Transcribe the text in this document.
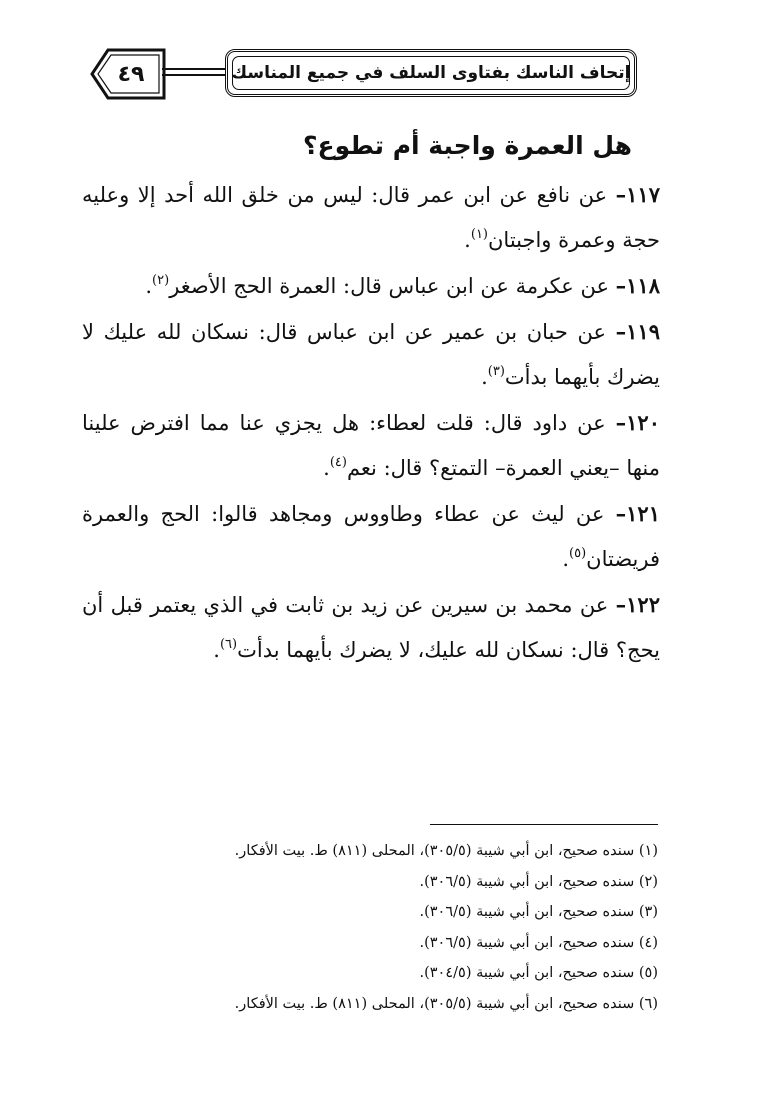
٤٩	إتحاف الناسك بفتاوى السلف في جميع المناسك
هل العمرة واجبة أم تطوع؟

١١٧– عن نافع عن ابن عمر قال: ليس من خلق الله أحد إلا وعليه حجة وعمرة واجبتان$^{(١)}$.

١١٨– عن عكرمة عن ابن عباس قال: العمرة الحج الأصغر$^{(٢)}$.

١١٩– عن حبان بن عمير عن ابن عباس قال: نسكان لله عليك لا يضرك بأيهما بدأت$^{(٣)}$.

١٢٠– عن داود قال: قلت لعطاء: هل يجزي عنا مما افترض علينا منها –يعني العمرة– التمتع؟ قال: نعم$^{(٤)}$.

١٢١– عن ليث عن عطاء وطاووس ومجاهد قالوا: الحج والعمرة فريضتان$^{(٥)}$.

١٢٢– عن محمد بن سيرين عن زيد بن ثابت في الذي يعتمر قبل أن يحج؟ قال: نسكان لله عليك، لا يضرك بأيهما بدأت$^{(٦)}$.

(١) سنده صحيح، ابن أبي شيبة (٣٠٥/٥)، المحلى (٨١١) ط. بيت الأفكار.
(٢) سنده صحيح، ابن أبي شيبة (٣٠٦/٥).
(٣) سنده صحيح، ابن أبي شيبة (٣٠٦/٥).
(٤) سنده صحيح، ابن أبي شيبة (٣٠٦/٥).
(٥) سنده صحيح، ابن أبي شيبة (٣٠٤/٥).
(٦) سنده صحيح، ابن أبي شيبة (٣٠٥/٥)، المحلى (٨١١) ط. بيت الأفكار.
